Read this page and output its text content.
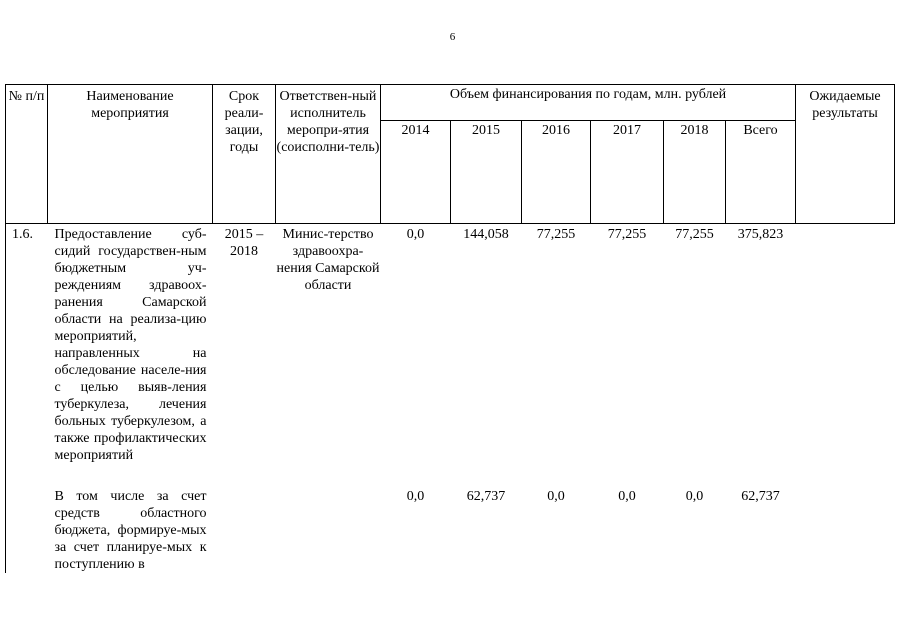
6
№ п/п	Наименование мероприятия	Срок реали-зации, годы	Ответствен-ный исполнитель меропри-ятия (соисполни-тель)	Объем финансирования по годам, млн. рублей						Ожидаемые результаты
				2014	2015	2016	2017	2018	Всего	
1.6.	Предоставление суб-сидий государствен-ным бюджетным уч-реждениям здравоох-ранения Самарской области на реализа-цию мероприятий, направленных на обследование населе-ния с целью выяв-ления туберкулеза, лечения больных туберкулезом, а также профилактических мероприятий	2015 – 2018	Минис-терство здравоохра-нения Самарской области	0,0	144,058	77,255	77,255	77,255	375,823	

	В том числе за счет средств областного бюджета, формируе-мых за счет планируе-мых к поступлению в			0,0	62,737	0,0	0,0	0,0	62,737	
